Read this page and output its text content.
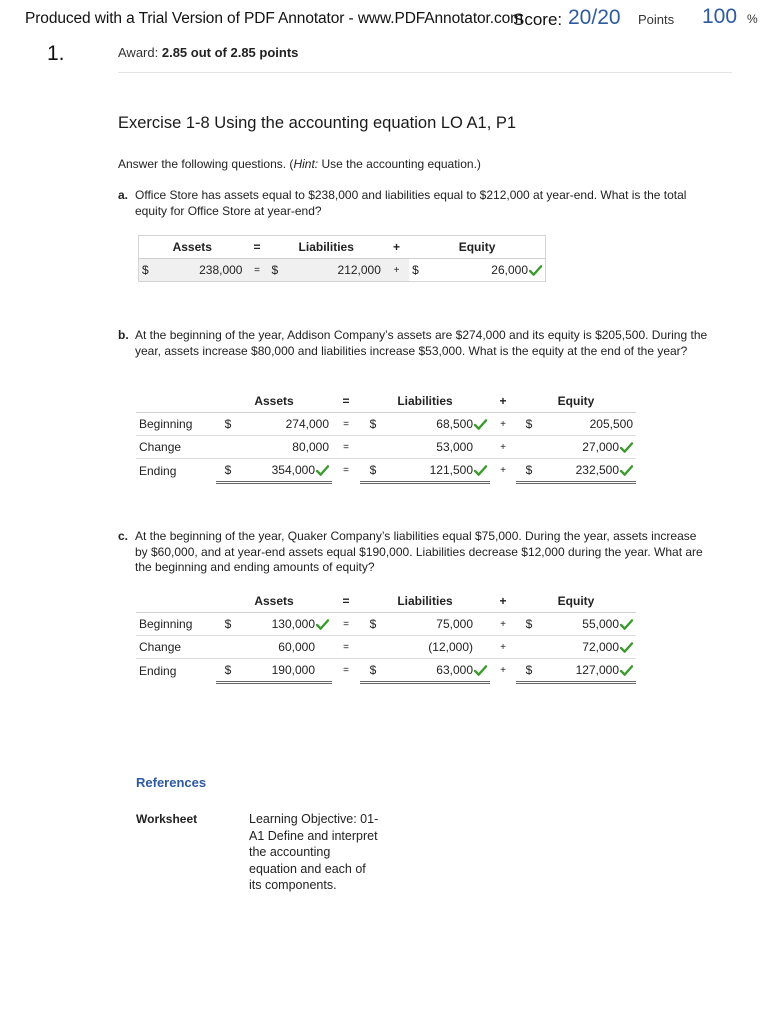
Produced with a Trial Version of PDF Annotator - www.PDFAnnotator.com
Score: 20/20 Points 100 %
1.	Award: 2.85 out of 2.85 points
Exercise 1-8 Using the accounting equation LO A1, P1
Answer the following questions. (Hint: Use the accounting equation.)
a. Office Store has assets equal to $238,000 and liabilities equal to $212,000 at year-end. What is the total equity for Office Store at year-end?
Assets		=	Liabilities		+	Equity	
$	238,000	=	$	212,000	+	$	26,000
b. At the beginning of the year, Addison Company’s assets are $274,000 and its equity is $205,500. During the year, assets increase $80,000 and liabilities increase $53,000. What is the equity at the end of the year?
	Assets		=	Liabilities		+	Equity	
Beginning	$	274,000	=	$	68,500	+	$	205,500
Change		80,000	=		53,000	+		27,000
Ending	$	354,000	=	$	121,500	+	$	232,500
c. At the beginning of the year, Quaker Company’s liabilities equal $75,000. During the year, assets increase by $60,000, and at year-end assets equal $190,000. Liabilities decrease $12,000 during the year. What are the beginning and ending amounts of equity?
	Assets		=	Liabilities		+	Equity	
Beginning	$	130,000	=	$	75,000	+	$	55,000
Change		60,000	=		(12,000)	+		72,000
Ending	$	190,000	=	$	63,000	+	$	127,000
References
Worksheet	Learning Objective: 01-A1 Define and interpret the accounting equation and each of its components.
